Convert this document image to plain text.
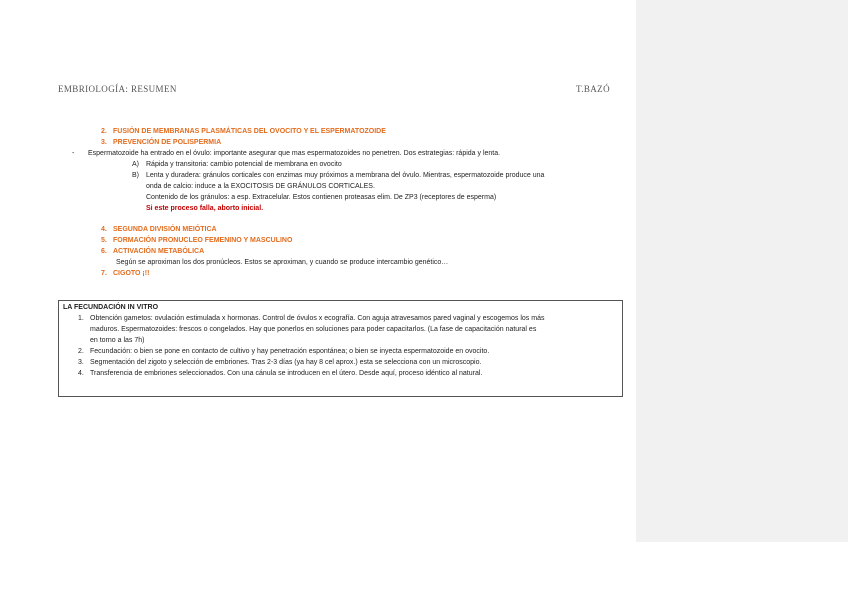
EMBRIOLOGÍA: RESUMEN	T.BAZÓ
2. FUSIÓN DE MEMBRANAS PLASMÁTICAS DEL OVOCITO Y EL ESPERMATOZOIDE
3. PREVENCIÓN DE POLISPERMIA
- Espermatozoide ha entrado en el óvulo: importante asegurar que mas espermatozoides no penetren. Dos estrategias: rápida y lenta.
A) Rápida y transitoria: cambio potencial de membrana en ovocito
B) Lenta y duradera: gránulos corticales con enzimas muy próximos a membrana del óvulo. Mientras, espermatozoide produce una
onda de calcio: induce a la EXOCITOSIS DE GRÁNULOS CORTICALES.
Contenido de los gránulos: a esp. Extracelular. Estos contienen proteasas elim. De ZP3 (receptores de esperma)
Si este proceso falla, aborto inicial.
4. SEGUNDA DIVISIÓN MEIÓTICA
5. FORMACIÓN PRONUCLEO FEMENINO Y MASCULINO
6. ACTIVACIÓN METABÓLICA
Según se aproximan los dos pronúcleos. Estos se aproximan, y cuando se produce intercambio genético…
7. CIGOTO ¡!!
LA FECUNDACIÓN IN VITRO
1. Obtención gametos: ovulación estimulada x hormonas. Control de óvulos x ecografía. Con aguja atravesamos pared vaginal y escogemos los más
maduros. Espermatozoides: frescos o congelados. Hay que ponerlos en soluciones para poder capacitarlos. (La fase de capacitación natural es
en torno a las 7h)
2. Fecundación: o bien se pone en contacto de cultivo y hay penetración espontánea; o bien se inyecta espermatozoide en ovocito.
3. Segmentación del zigoto y selección de embriones. Tras 2-3 días (ya hay 8 cel aprox.) esta se selecciona con un microscopio.
4. Transferencia de embriones seleccionados. Con una cánula se introducen en el útero. Desde aquí, proceso idéntico al natural.
